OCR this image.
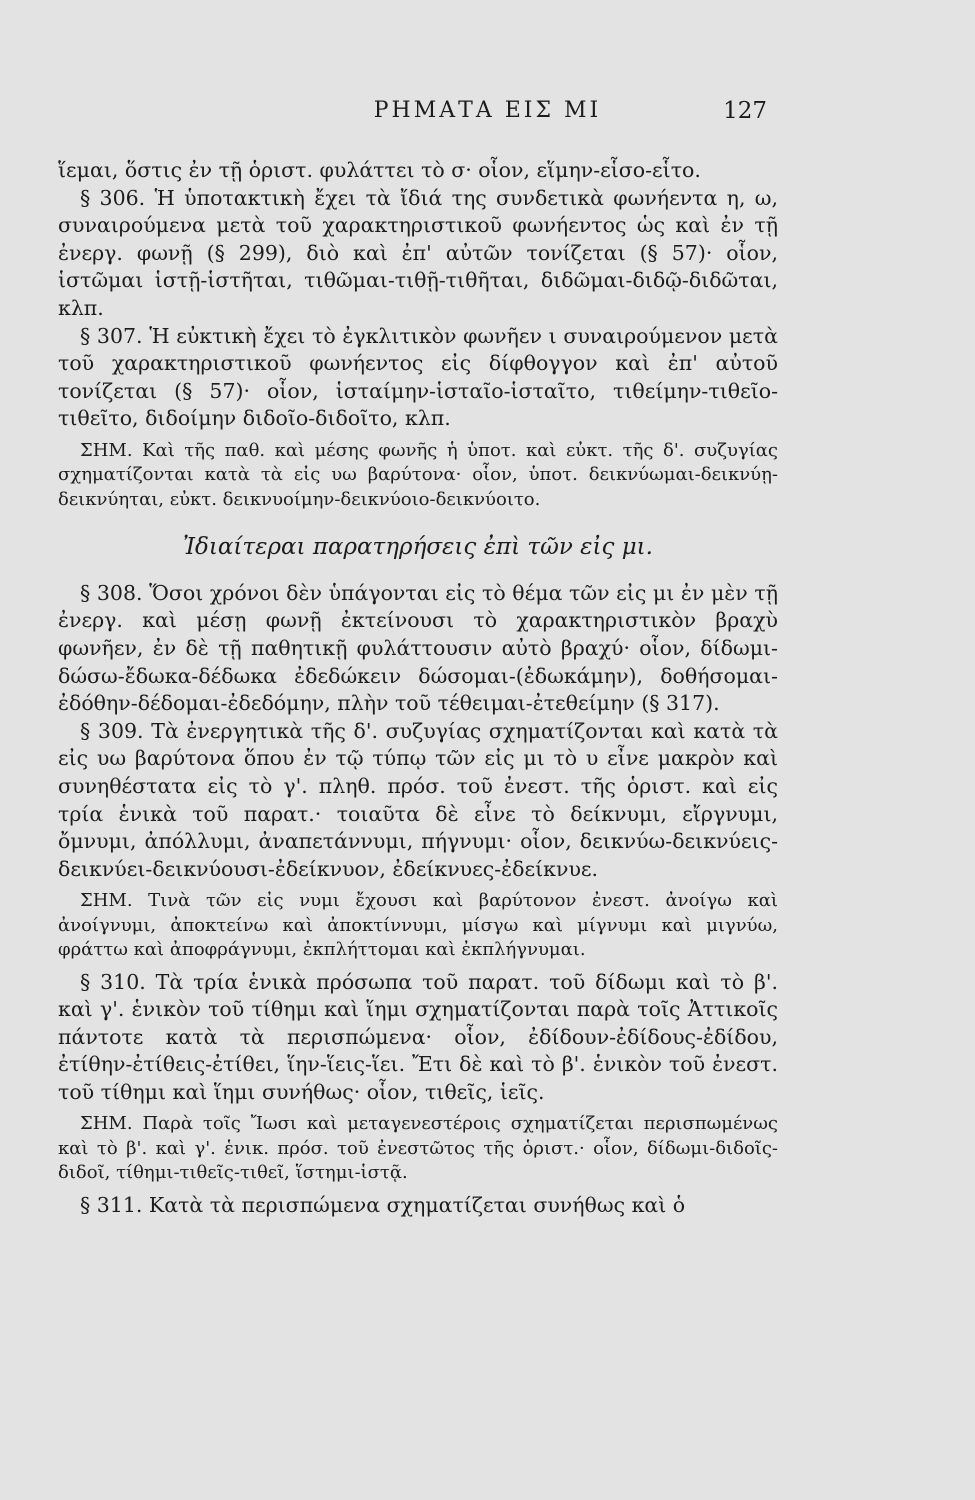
ΡΗΜΑΤΑ ΕΙΣ ΜΙ	127

ἵεμαι, ὅστις ἐν τῇ ὁριστ. φυλάττει τὸ σ· οἷον, εἵμην-εἷσο-εἷτο.

§ 306. Ἡ ὑποτακτικὴ ἔχει τὰ ἴδιά της συνδετικὰ φωνήεντα η, ω, συναιρούμενα μετὰ τοῦ χαρακτηριστικοῦ φωνήεντος ὡς καὶ ἐν τῇ ἐνεργ. φωνῇ (§ 299), διὸ καὶ ἐπ' αὐτῶν τονίζεται (§ 57)· οἷον, ἱστῶμαι ἱστῇ-ἱστῆται, τιθῶμαι-τιθῇ-τιθῆται, διδῶμαι-διδῷ-διδῶται, κλπ.

§ 307. Ἡ εὐκτικὴ ἔχει τὸ ἐγκλιτικὸν φωνῆεν ι συναιρούμενον μετὰ τοῦ χαρακτηριστικοῦ φωνήεντος εἰς δίφθογγον καὶ ἐπ' αὐτοῦ τονίζεται (§ 57)· οἷον, ἱσταίμην-ἱσταῖο-ἱσταῖτο, τιθείμην-τιθεῖο-τιθεῖτο, διδοίμην διδοῖο-διδοῖτο, κλπ.

ΣΗΜ. Καὶ τῆς παθ. καὶ μέσης φωνῆς ἡ ὑποτ. καὶ εὐκτ. τῆς δ'. συζυγίας σχηματίζονται κατὰ τὰ εἰς υω βαρύτονα· οἷον, ὑποτ. δεικνύωμαι-δεικνύῃ-δεικνύηται, εὐκτ. δεικνυοίμην-δεικνύοιο-δεικνύοιτο.

Ἰδιαίτεραι παρατηρήσεις ἐπὶ τῶν εἰς μι.

§ 308. Ὅσοι χρόνοι δὲν ὑπάγονται εἰς τὸ θέμα τῶν εἰς μι ἐν μὲν τῇ ἐνεργ. καὶ μέσῃ φωνῇ ἐκτείνουσι τὸ χαρακτηριστικὸν βραχὺ φωνῆεν, ἐν δὲ τῇ παθητικῇ φυλάττουσιν αὐτὸ βραχύ· οἷον, δίδωμι-δώσω-ἔδωκα-δέδωκα ἐδεδώκειν δώσομαι-(ἐδωκάμην), δοθήσομαι-ἐδόθην-δέδομαι-ἐδεδόμην, πλὴν τοῦ τέθειμαι-ἐτεθείμην (§ 317).

§ 309. Τὰ ἐνεργητικὰ τῆς δ'. συζυγίας σχηματίζονται καὶ κατὰ τὰ εἰς υω βαρύτονα ὅπου ἐν τῷ τύπῳ τῶν εἰς μι τὸ υ εἶνε μακρὸν καὶ συνηθέστατα εἰς τὸ γ'. πληθ. πρόσ. τοῦ ἐνεστ. τῆς ὁριστ. καὶ εἰς τρία ἑνικὰ τοῦ παρατ.· τοιαῦτα δὲ εἶνε τὸ δείκνυμι, εἴργνυμι, ὄμνυμι, ἀπόλλυμι, ἀναπετάννυμι, πήγνυμι· οἷον, δεικνύω-δεικνύεις-δεικνύει-δεικνύουσι-ἐδείκνυον, ἐδείκνυες-ἐδείκνυε.

ΣΗΜ. Τινὰ τῶν εἰς νυμι ἔχουσι καὶ βαρύτονον ἐνεστ. ἀνοίγω καὶ ἀνοίγνυμι, ἀποκτείνω καὶ ἀποκτίννυμι, μίσγω καὶ μίγνυμι καὶ μιγνύω, φράττω καὶ ἀποφράγνυμι, ἐκπλήττομαι καὶ ἐκπλήγνυμαι.

§ 310. Τὰ τρία ἑνικὰ πρόσωπα τοῦ παρατ. τοῦ δίδωμι καὶ τὸ β'. καὶ γ'. ἑνικὸν τοῦ τίθημι καὶ ἵημι σχηματίζονται παρὰ τοῖς Ἀττικοῖς πάντοτε κατὰ τὰ περισπώμενα· οἷον, ἐδίδουν-ἐδίδους-ἐδίδου, ἐτίθην-ἐτίθεις-ἐτίθει, ἵην-ἵεις-ἵει. Ἔτι δὲ καὶ τὸ β'. ἑνικὸν τοῦ ἐνεστ. τοῦ τίθημι καὶ ἵημι συνήθως· οἷον, τιθεῖς, ἱεῖς.

ΣΗΜ. Παρὰ τοῖς Ἴωσι καὶ μεταγενεστέροις σχηματίζεται περισπωμένως καὶ τὸ β'. καὶ γ'. ἑνικ. πρόσ. τοῦ ἐνεστῶτος τῆς ὁριστ.· οἷον, δίδωμι-διδοῖς-διδοῖ, τίθημι-τιθεῖς-τιθεῖ, ἵστημι-ἱστᾷ.

§ 311. Κατὰ τὰ περισπώμενα σχηματίζεται συνήθως καὶ ὁ
